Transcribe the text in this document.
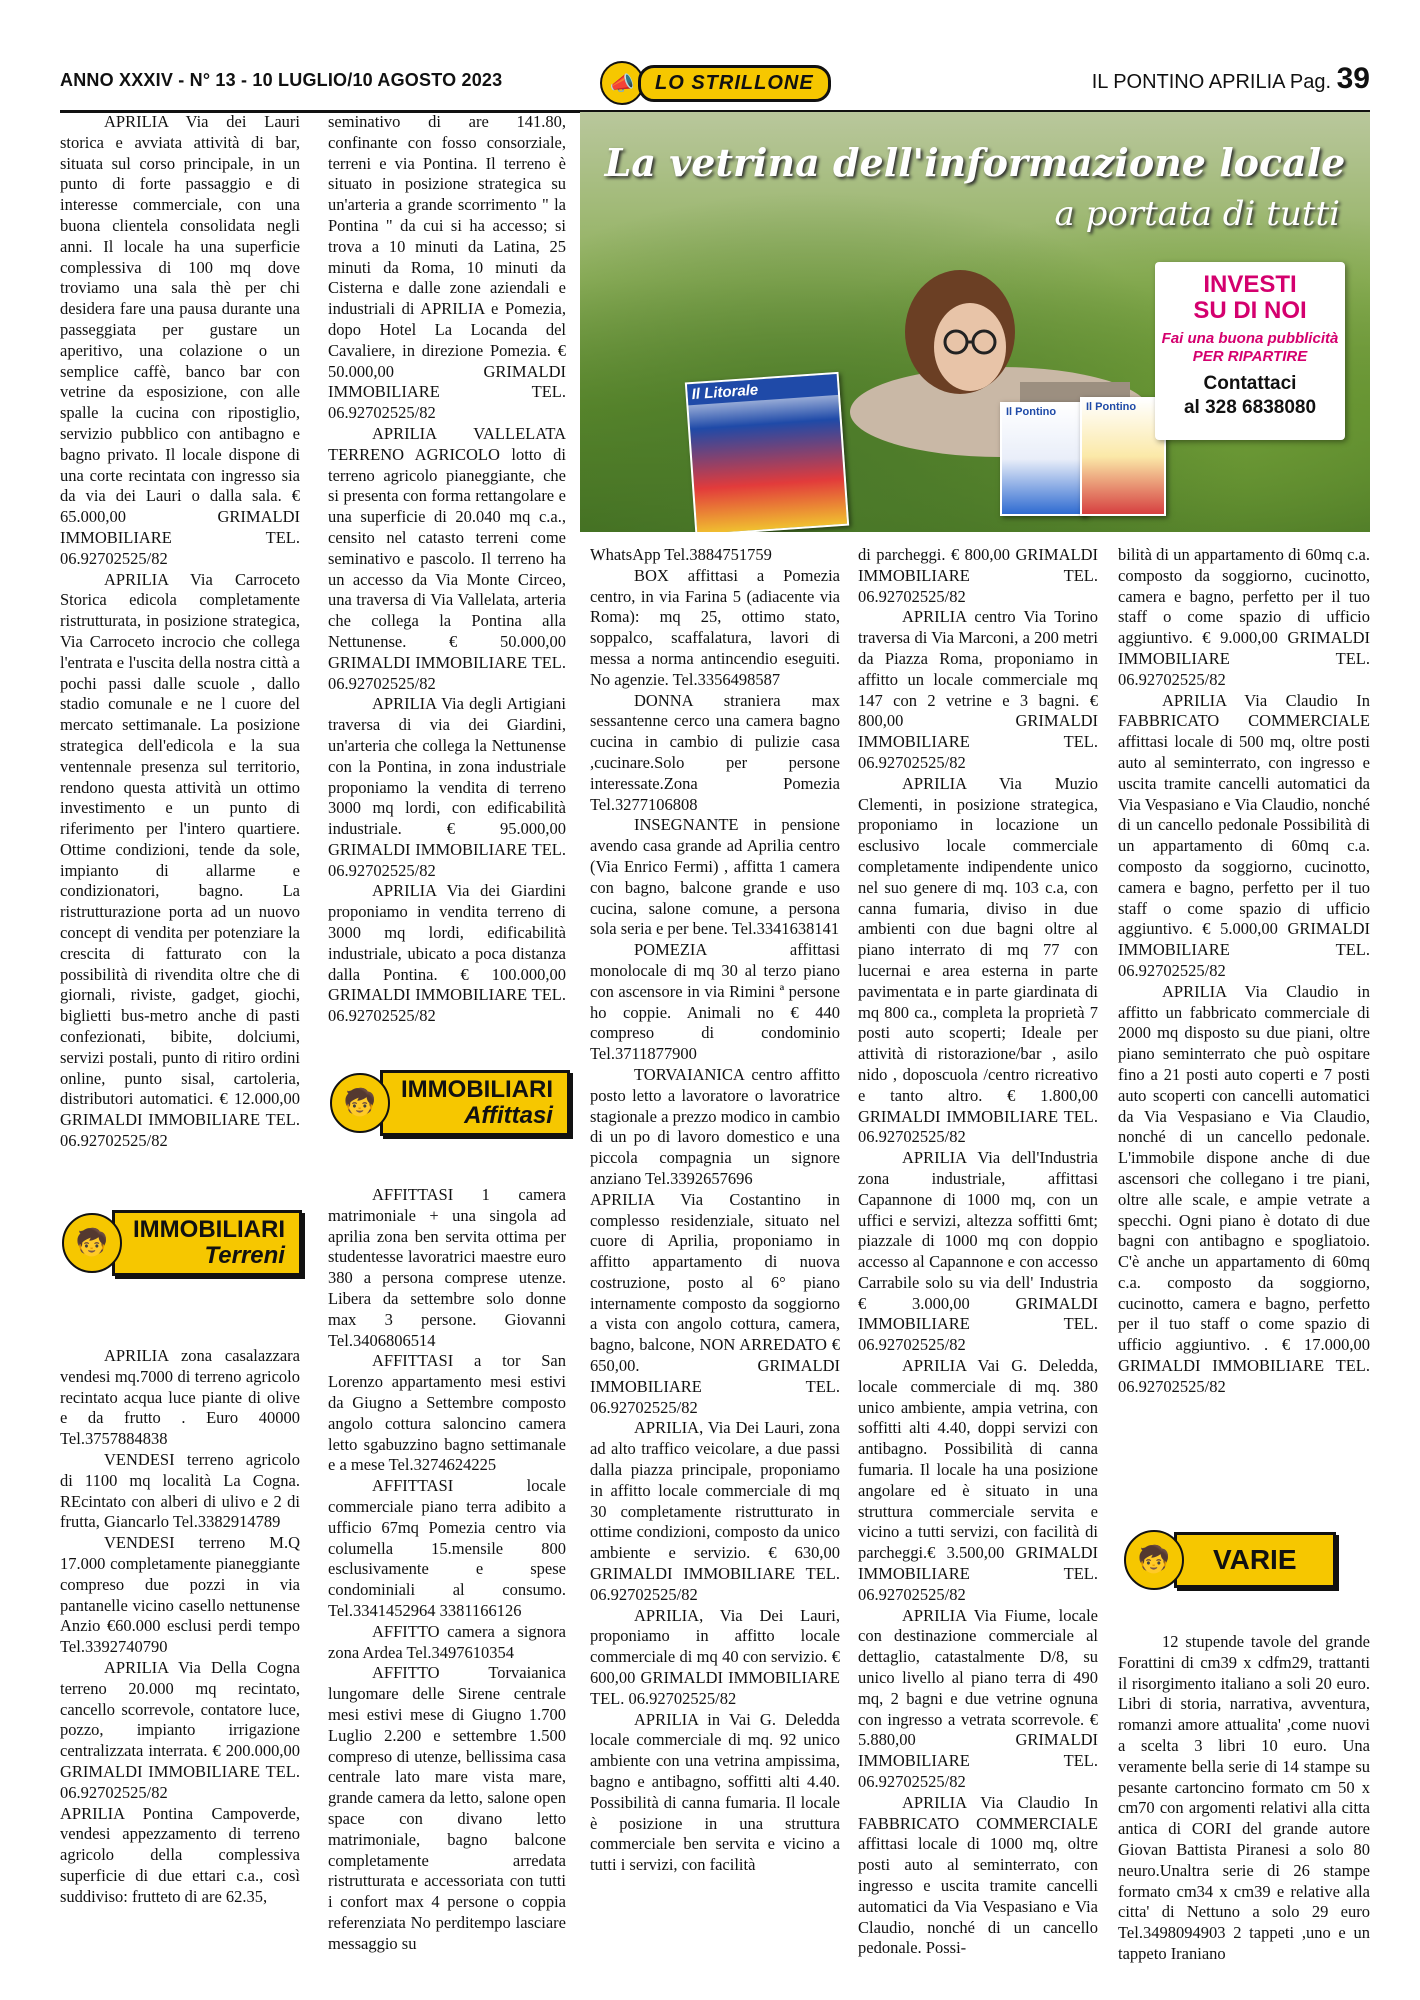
ANNO XXXIV - N° 13 - 10 LUGLIO/10 AGOSTO 2023	📣	LO STRILLONE	IL PONTINO APRILIA Pag. 39
La vetrina dell'informazione locale
a portata di tutti
Il Litorale
Il Pontino	Il Pontino
INVESTI
SU DI NOI
Fai una buona pubblicità
PER RIPARTIRE
Contattaci
al 328 6838080

APRILIA Via dei Lauri storica e avviata attività di bar, situata sul corso principale, in un punto di forte passaggio e di interesse commerciale, con una buona clientela consolidata negli anni. Il locale ha una superficie complessiva di 100 mq dove troviamo una sala thè per chi desidera fare una pausa durante una passeggiata per gustare un aperitivo, una colazione o un semplice caffè, banco bar con vetrine da esposizione, con alle spalle la cucina con ripostiglio, servizio pubblico con antibagno e bagno privato. Il locale dispone di una corte recintata con ingresso sia da via dei Lauri o dalla sala. € 65.000,00 GRIMALDI IMMOBILIARE TEL. 06.92702525/82

APRILIA Via Carroceto Storica edicola completamente ristrutturata, in posizione strategica, Via Carroceto incrocio che collega l'entrata e l'uscita della nostra città a pochi passi dalle scuole , dallo stadio comunale e ne l cuore del mercato settimanale. La posizione strategica dell'edicola e la sua ventennale presenza sul territorio, rendono questa attività un ottimo investimento e un punto di riferimento per l'intero quartiere. Ottime condizioni, tende da sole, impianto di allarme e condizionatori, bagno. La ristrutturazione porta ad un nuovo concept di vendita per potenziare la crescita di fatturato con la possibilità di rivendita oltre che di giornali, riviste, gadget, giochi, biglietti bus-metro anche di pasti confezionati, bibite, dolciumi, servizi postali, punto di ritiro ordini online, punto sisal, cartoleria, distributori automatici. € 12.000,00 GRIMALDI IMMOBILIARE TEL. 06.92702525/82

🧒	IMMOBILIARI
Terreni

APRILIA zona casalazzara vendesi mq.7000 di terreno agricolo recintato acqua luce piante di olive e da frutto . Euro 40000 Tel.3757884838

VENDESI terreno agricolo di 1100 mq località La Cogna. REcintato con alberi di ulivo e 2 di frutta, Giancarlo Tel.3382914789

VENDESI terreno M.Q 17.000 completamente pianeggiante compreso due pozzi in via pantanelle vicino casello nettunense Anzio €60.000 esclusi perdi tempo Tel.3392740790

APRILIA Via Della Cogna terreno 20.000 mq recintato, cancello scorrevole, contatore luce, pozzo, impianto irrigazione centralizzata interrata. € 200.000,00 GRIMALDI IMMOBILIARE TEL. 06.92702525/82

APRILIA Pontina Campoverde, vendesi appezzamento di terreno agricolo della complessiva superficie di due ettari c.a., così suddiviso: frutteto di are 62.35,

seminativo di are 141.80, confinante con fosso consorziale, terreni e via Pontina. Il terreno è situato in posizione strategica su un'arteria a grande scorrimento " la Pontina " da cui si ha accesso; si trova a 10 minuti da Latina, 25 minuti da Roma, 10 minuti da Cisterna e dalle zone aziendali e industriali di APRILIA e Pomezia, dopo Hotel La Locanda del Cavaliere, in direzione Pomezia. € 50.000,00 GRIMALDI IMMOBILIARE TEL. 06.92702525/82

APRILIA VALLELATA TERRENO AGRICOLO lotto di terreno agricolo pianeggiante, che si presenta con forma rettangolare e una superficie di 20.040 mq c.a., censito nel catasto terreni come seminativo e pascolo. Il terreno ha un accesso da Via Monte Circeo, una traversa di Via Vallelata, arteria che collega la Pontina alla Nettunense. € 50.000,00 GRIMALDI IMMOBILIARE TEL. 06.92702525/82

APRILIA Via degli Artigiani traversa di via dei Giardini, un'arteria che collega la Nettunense con la Pontina, in zona industriale proponiamo la vendita di terreno 3000 mq lordi, con edificabilità industriale. € 95.000,00 GRIMALDI IMMOBILIARE TEL. 06.92702525/82

APRILIA Via dei Giardini proponiamo in vendita terreno di 3000 mq lordi, edificabilità industriale, ubicato a poca distanza dalla Pontina. € 100.000,00 GRIMALDI IMMOBILIARE TEL. 06.92702525/82

🧒	IMMOBILIARI
Affittasi

AFFITTASI 1 camera matrimoniale + una singola ad aprilia zona ben servita ottima per studentesse lavoratrici maestre euro 380 a persona comprese utenze. Libera da settembre solo donne max 3 persone. Giovanni Tel.3406806514

AFFITTASI a tor San Lorenzo appartamento mesi estivi da Giugno a Settembre composto angolo cottura saloncino camera letto sgabuzzino bagno settimanale e a mese Tel.3274624225

AFFITTASI locale commerciale piano terra adibito a ufficio 67mq Pomezia centro via columella 15.mensile 800 esclusivamente e spese condominiali al consumo. Tel.3341452964 3381166126

AFFITTO camera a signora zona Ardea Tel.3497610354

AFFITTO Torvaianica lungomare delle Sirene centrale mesi estivi mese di Giugno 1.700 Luglio 2.200 e settembre 1.500 compreso di utenze, bellissima casa centrale lato mare vista mare, grande camera da letto, salone open space con divano letto matrimoniale, bagno balcone completamente arredata ristrutturata e accessoriata con tutti i confort max 4 persone o coppia referenziata No perditempo lasciare messaggio su

WhatsApp Tel.3884751759

BOX affittasi a Pomezia centro, in via Farina 5 (adiacente via Roma): mq 25, ottimo stato, soppalco, scaffalatura, lavori di messa a norma antincendio eseguiti. No agenzie. Tel.3356498587

DONNA straniera max sessantenne cerco una camera bagno cucina in cambio di pulizie casa ,cucinare.Solo per persone interessate.Zona Pomezia Tel.3277106808

INSEGNANTE in pensione avendo casa grande ad Aprilia centro (Via Enrico Fermi) , affitta 1 camera con bagno, balcone grande e uso cucina, salone comune, a persona sola seria e per bene. Tel.3341638141

POMEZIA affittasi monolocale di mq 30 al terzo piano con ascensore in via Rimini ª persone ho coppie. Animali no € 440 compreso di condominio Tel.3711877900

TORVAIANICA centro affitto posto letto a lavoratore o lavoratrice stagionale a prezzo modico in cambio di un po di lavoro domestico e una piccola compagnia un signore anziano Tel.3392657696

APRILIA Via Costantino in complesso residenziale, situato nel cuore di Aprilia, proponiamo in affitto appartamento di nuova costruzione, posto al 6° piano internamente composto da soggiorno a vista con angolo cottura, camera, bagno, balcone, NON ARREDATO € 650,00. GRIMALDI IMMOBILIARE TEL. 06.92702525/82

APRILIA, Via Dei Lauri, zona ad alto traffico veicolare, a due passi dalla piazza principale, proponiamo in affitto locale commerciale di mq 30 completamente ristrutturato in ottime condizioni, composto da unico ambiente e servizio. € 630,00 GRIMALDI IMMOBILIARE TEL. 06.92702525/82

APRILIA, Via Dei Lauri, proponiamo in affitto locale commerciale di mq 40 con servizio. € 600,00 GRIMALDI IMMOBILIARE TEL. 06.92702525/82

APRILIA in Vai G. Deledda locale commerciale di mq. 92 unico ambiente con una vetrina ampissima, bagno e antibagno, soffitti alti 4.40. Possibilità di canna fumaria. Il locale è posizione in una struttura commerciale ben servita e vicino a tutti i servizi, con facilità

di parcheggi. € 800,00 GRIMALDI IMMOBILIARE TEL. 06.92702525/82

APRILIA centro Via Torino traversa di Via Marconi, a 200 metri da Piazza Roma, proponiamo in affitto un locale commerciale mq 147 con 2 vetrine e 3 bagni. € 800,00 GRIMALDI IMMOBILIARE TEL. 06.92702525/82

APRILIA Via Muzio Clementi, in posizione strategica, proponiamo in locazione un esclusivo locale commerciale completamente indipendente unico nel suo genere di mq. 103 c.a, con canna fumaria, diviso in due ambienti con due bagni oltre al piano interrato di mq 77 con lucernai e area esterna in parte pavimentata e in parte giardinata di mq 800 ca., completa la proprietà 7 posti auto scoperti; Ideale per attività di ristorazione/bar , asilo nido , doposcuola /centro ricreativo e tanto altro. € 1.800,00 GRIMALDI IMMOBILIARE TEL. 06.92702525/82

APRILIA Via dell'Industria zona industriale, affittasi Capannone di 1000 mq, con un uffici e servizi, altezza soffitti 6mt; piazzale di 1000 mq con doppio accesso al Capannone e con accesso Carrabile solo su via dell' Industria € 3.000,00 GRIMALDI IMMOBILIARE TEL. 06.92702525/82

APRILIA Vai G. Deledda, locale commerciale di mq. 380 unico ambiente, ampia vetrina, con soffitti alti 4.40, doppi servizi con antibagno. Possibilità di canna fumaria. Il locale ha una posizione angolare ed è situato in una struttura commerciale servita e vicino a tutti servizi, con facilità di parcheggi.€ 3.500,00 GRIMALDI IMMOBILIARE TEL. 06.92702525/82

APRILIA Via Fiume, locale con destinazione commerciale al dettaglio, catastalmente D/8, su unico livello al piano terra di 490 mq, 2 bagni e due vetrine ognuna con ingresso a vetrata scorrevole. € 5.880,00 GRIMALDI IMMOBILIARE TEL. 06.92702525/82

APRILIA Via Claudio In FABBRICATO COMMERCIALE affittasi locale di 1000 mq, oltre posti auto al seminterrato, con ingresso e uscita tramite cancelli automatici da Via Vespasiano e Via Claudio, nonché di un cancello pedonale. Possi-

bilità di un appartamento di 60mq c.a. composto da soggiorno, cucinotto, camera e bagno, perfetto per il tuo staff o come spazio di ufficio aggiuntivo. € 9.000,00 GRIMALDI IMMOBILIARE TEL. 06.92702525/82

APRILIA Via Claudio In FABBRICATO COMMERCIALE affittasi locale di 500 mq, oltre posti auto al seminterrato, con ingresso e uscita tramite cancelli automatici da Via Vespasiano e Via Claudio, nonché di un cancello pedonale Possibilità di un appartamento di 60mq c.a. composto da soggiorno, cucinotto, camera e bagno, perfetto per il tuo staff o come spazio di ufficio aggiuntivo. € 5.000,00 GRIMALDI IMMOBILIARE TEL. 06.92702525/82

APRILIA Via Claudio in affitto un fabbricato commerciale di 2000 mq disposto su due piani, oltre piano seminterrato che può ospitare fino a 21 posti auto coperti e 7 posti auto scoperti con cancelli automatici da Via Vespasiano e Via Claudio, nonché di un cancello pedonale. L'immobile dispone anche di due ascensori che collegano i tre piani, oltre alle scale, e ampie vetrate a specchi. Ogni piano è dotato di due bagni con antibagno e spogliatoio. C'è anche un appartamento di 60mq c.a. composto da soggiorno, cucinotto, camera e bagno, perfetto per il tuo staff o come spazio di ufficio aggiuntivo. . € 17.000,00 GRIMALDI IMMOBILIARE TEL. 06.92702525/82

🧒	VARIE

12 stupende tavole del grande Forattini di cm39 x cdfm29, trattanti il risorgimento italiano a soli 20 euro. Libri di storia, narrativa, avventura, romanzi amore attualita' ,come nuovi a scelta 3 libri 10 euro. Una veramente bella serie di 14 stampe su pesante cartoncino formato cm 50 x cm70 con argomenti relativi alla citta antica di CORI del grande autore Giovan Battista Piranesi a solo 80 neuro.Unaltra serie di 26 stampe formato cm34 x cm39 e relative alla citta' di Nettuno a solo 29 euro Tel.3498094903 2 tappeti ,uno e un tappeto Iraniano
